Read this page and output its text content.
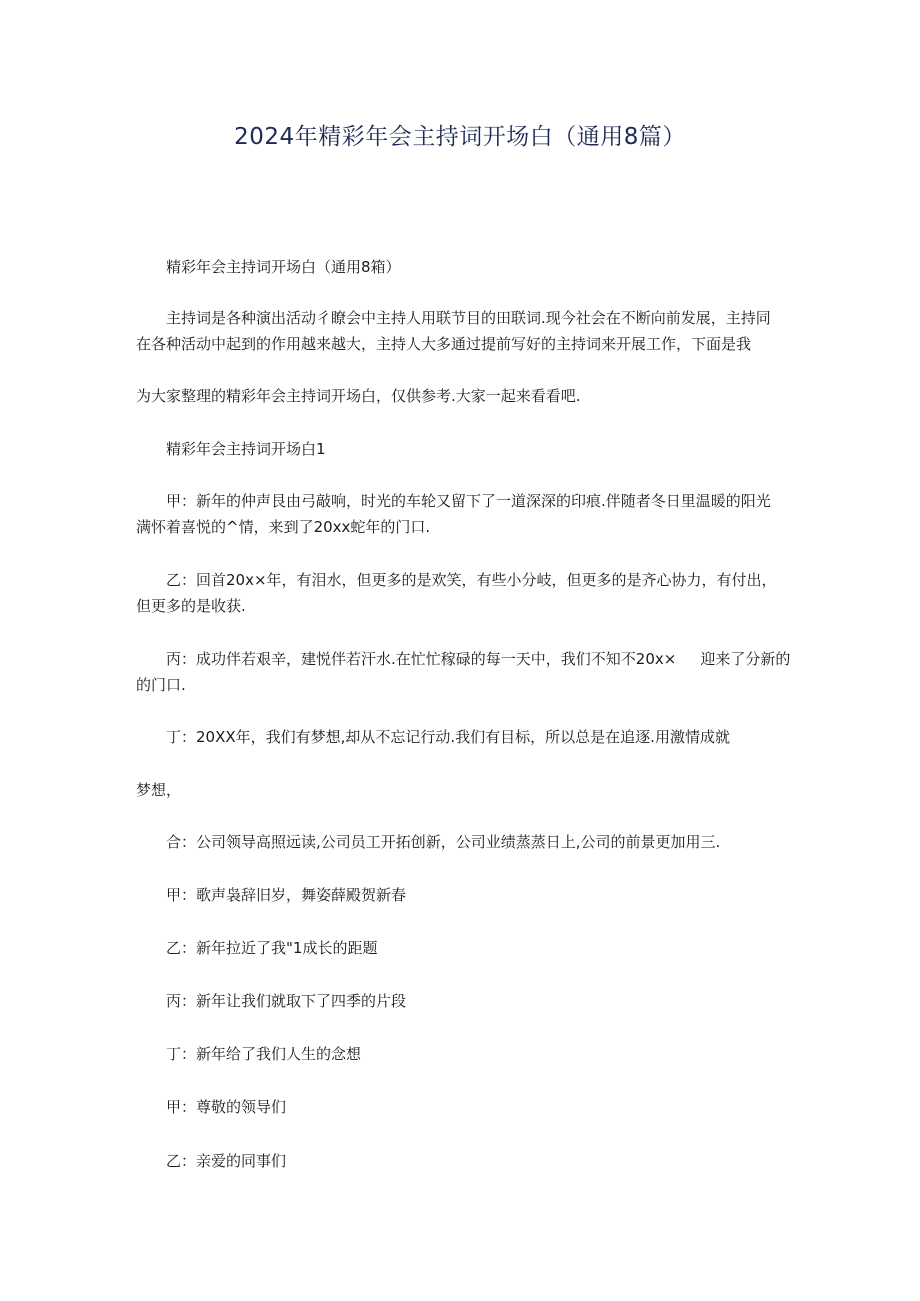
2024年精彩年会主持词开场白（通用8篇）
精彩年会主持词开场白（通用8箱）
主持词是各种演出活动彳瞭会中主持人用联节目的田联词.现今社会在不断向前发展，主持同在各种活动中起到的作用越来越大，主持人大多通过提前写好的主持词来开展工作，下面是我
为大家整理的精彩年会主持词开场白，仅供参考.大家一起来看看吧.
精彩年会主持词开场白1
甲：新年的仲声艮由弓敲响，时光的车轮又留下了一道深深的印痕.伴随者冬日里温暖的阳光满怀着喜悦的^情，来到了20xx蛇年的门口.
乙：回首20x×年，有泪水，但更多的是欢笑，有些小分岐，但更多的是齐心协力，有付出，但更多的是收获.
丙：成功伴若艰辛，建悦伴若汗水.在忙忙稼碌的每一天中，我们不知不20x× 迎来了分新的
的门口.
丁：20XX年，我们有梦想,却从不忘记行动.我们有目标，所以总是在追逐.用激情成就
梦想，
合：公司领导高照远读,公司员工开拓创新，公司业绩蒸蒸日上,公司的前景更加用三.
甲：歌声袅辞旧岁，舞姿薛殿贺新春
乙：新年拉近了我"1成长的距题
丙：新年让我们就取下了四季的片段
丁：新年给了我们人生的念想
甲：尊敬的领导们
乙：亲爱的同事们
